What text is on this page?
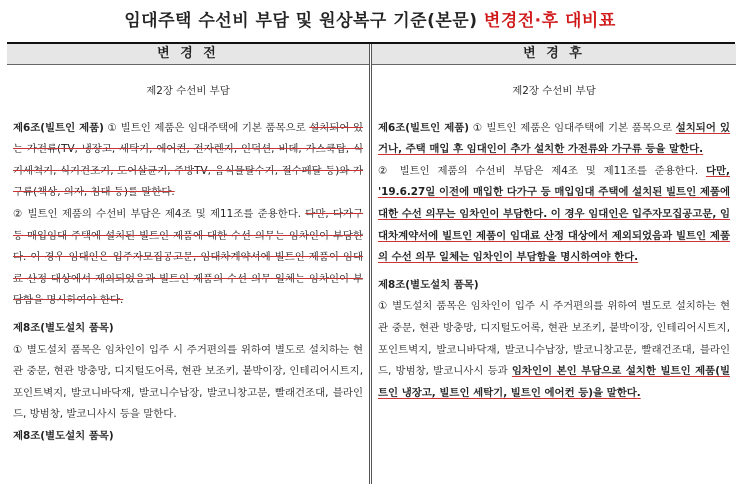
임대주택 수선비 부담 및 원상복구 기준(본문) 변경전·후 대비표
변 경 전
제2장 수선비 부담
제6조(빌트인 제품) ① 빌트인 제품은 임대주택에 기본 품목으로 설치되어 있는 가전류(TV, 냉장고, 세탁기, 에어컨, 전자렌지, 인덕션, 비데, 가스쿡탑, 식기세척기, 식기건조기, 도어살균기, 주방TV, 음식물탈수기, 절수페달 등)와 가구류(책상, 의자, 침대 등)를 말한다.
② 빌트인 제품의 수선비 부담은 제4조 및 제11조를 준용한다. 다만, 다가구 등 매입임대 주택에 설치된 빌트인 제품에 대한 수선 의무는 임차인이 부담한다. 이 경우 임대인은 입주자모집공고문, 임대차계약서에 빌트인 제품이 임대료 산정 대상에서 제외되었음과 빌트인 제품의 수선 의무 일체는 임차인이 부담함을 명시하여야 한다.
제8조(별도설치 품목)
① 별도설치 품목은 임차인이 입주 시 주거편의를 위하여 별도로 설치하는 현관 중문, 현관 방충망, 디지털도어록, 현관 보조키, 붙박이장, 인테리어시트지, 포인트벽지, 발코니바닥재, 발코니수납장, 발코니창고문, 빨래건조대, 블라인드, 방범창, 발코니사시 등을 말한다.
제8조(별도설치 품목)
변 경 후
제2장 수선비 부담
제6조(빌트인 제품) ① 빌트인 제품은 임대주택에 기본 품목으로 설치되어 있거나, 주택 매입 후 임대인이 추가 설치한 가전류와 가구류 등을 말한다.
② 빌트인 제품의 수선비 부담은 제4조 및 제11조를 준용한다. 다만, '19.6.27일 이전에 매입한 다가구 등 매입임대 주택에 설치된 빌트인 제품에 대한 수선 의무는 임차인이 부담한다. 이 경우 임대인은 입주자모집공고문, 임대차계약서에 빌트인 제품이 임대료 산정 대상에서 제외되었음과 빌트인 제품의 수선 의무 일체는 임차인이 부담함을 명시하여야 한다.
제8조(별도설치 품목)
① 별도설치 품목은 임차인이 입주 시 주거편의를 위하여 별도로 설치하는 현관 중문, 현관 방충망, 디지털도어록, 현관 보조키, 붙박이장, 인테리어시트지, 포인트벽지, 발코니바닥재, 발코니수납장, 발코니창고문, 빨래건조대, 블라인드, 방범창, 발코니사시 등과 임차인이 본인 부담으로 설치한 빌트인 제품(빌트인 냉장고, 빌트인 세탁기, 빌트인 에어컨 등)을 말한다.
